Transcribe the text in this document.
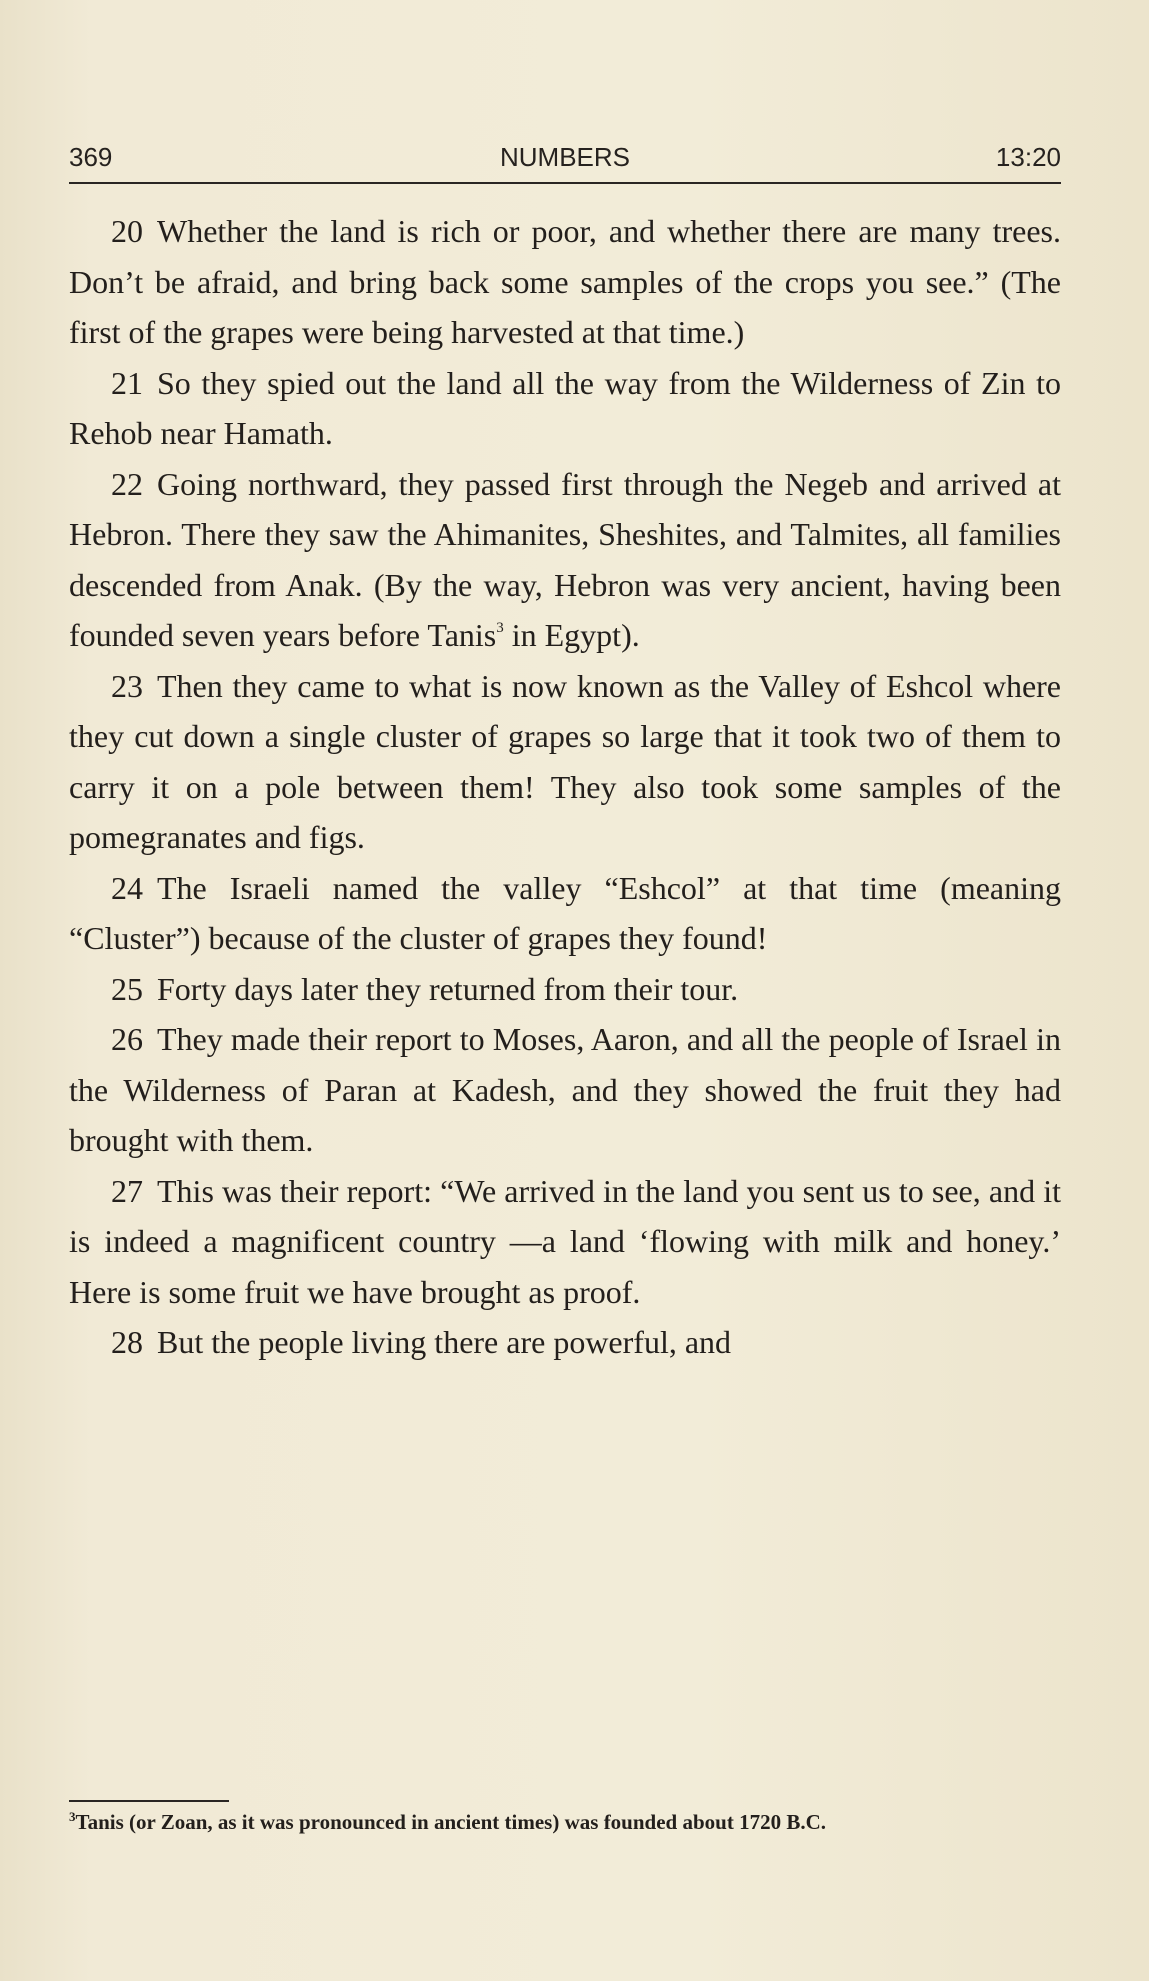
NUMBERS
369	13:20

20 Whether the land is rich or poor, and whether there are many trees. Don’t be afraid, and bring back some samples of the crops you see.” (The first of the grapes were being harvested at that time.)

21 So they spied out the land all the way from the Wilderness of Zin to Rehob near Hamath.

22 Going northward, they passed first through the Negeb and arrived at Hebron. There they saw the Ahimanites, Sheshites, and Talmites, all families descended from Anak. (By the way, Hebron was very ancient, having been founded seven years before Tanis$^3$ in Egypt).

23 Then they came to what is now known as the Valley of Eshcol where they cut down a single cluster of grapes so large that it took two of them to carry it on a pole between them! They also took some samples of the pomegranates and figs.

24 The Israeli named the valley “Eshcol” at that time (meaning “Cluster”) because of the cluster of grapes they found!

25 Forty days later they returned from their tour.

26 They made their report to Moses, Aaron, and all the people of Israel in the Wilderness of Paran at Kadesh, and they showed the fruit they had brought with them.

27 This was their report: “We arrived in the land you sent us to see, and it is indeed a magnificent country —a land ‘flowing with milk and honey.’ Here is some fruit we have brought as proof.

28 But the people living there are powerful, and

$^3$Tanis (or Zoan, as it was pronounced in ancient times) was founded about 1720 B.C.
